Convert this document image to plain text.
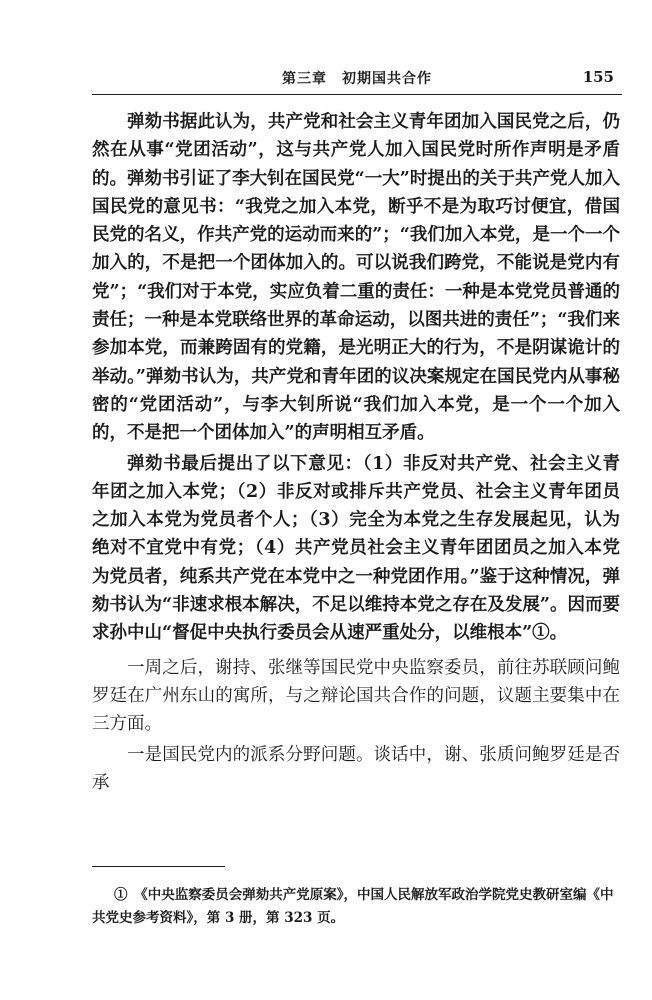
第三章　初期国共合作	155

弹劾书据此认为，共产党和社会主义青年团加入国民党之后，仍然在从事“党团活动”，这与共产党人加入国民党时所作声明是矛盾的。弹劾书引证了李大钊在国民党“一大”时提出的关于共产党人加入国民党的意见书：“我党之加入本党，断乎不是为取巧讨便宜，借国民党的名义，作共产党的运动而来的”；“我们加入本党，是一个一个加入的，不是把一个团体加入的。可以说我们跨党，不能说是党内有党”；“我们对于本党，实应负着二重的责任：一种是本党党员普通的责任；一种是本党联络世界的革命运动，以图共进的责任”；“我们来参加本党，而兼跨固有的党籍，是光明正大的行为，不是阴谋诡计的举动。”弹劾书认为，共产党和青年团的议决案规定在国民党内从事秘密的“党团活动”，与李大钊所说“我们加入本党，是一个一个加入的，不是把一个团体加入”的声明相互矛盾。

弹劾书最后提出了以下意见：（1）非反对共产党、社会主义青年团之加入本党；（2）非反对或排斥共产党员、社会主义青年团员之加入本党为党员者个人；（3）完全为本党之生存发展起见，认为绝对不宜党中有党；（4）共产党员社会主义青年团团员之加入本党为党员者，纯系共产党在本党中之一种党团作用。”鉴于这种情况，弹劾书认为“非速求根本解决，不足以维持本党之存在及发展”。因而要求孙中山“督促中央执行委员会从速严重处分，以维根本”①。

一周之后，谢持、张继等国民党中央监察委员，前往苏联顾问鲍罗廷在广州东山的寓所，与之辩论国共合作的问题，议题主要集中在三方面。

一是国民党内的派系分野问题。谈话中，谢、张质问鲍罗廷是否承

①　《中央监察委员会弹劾共产党原案》，中国人民解放军政治学院党史教研室编《中共党史参考资料》，第 3 册，第 323 页。
